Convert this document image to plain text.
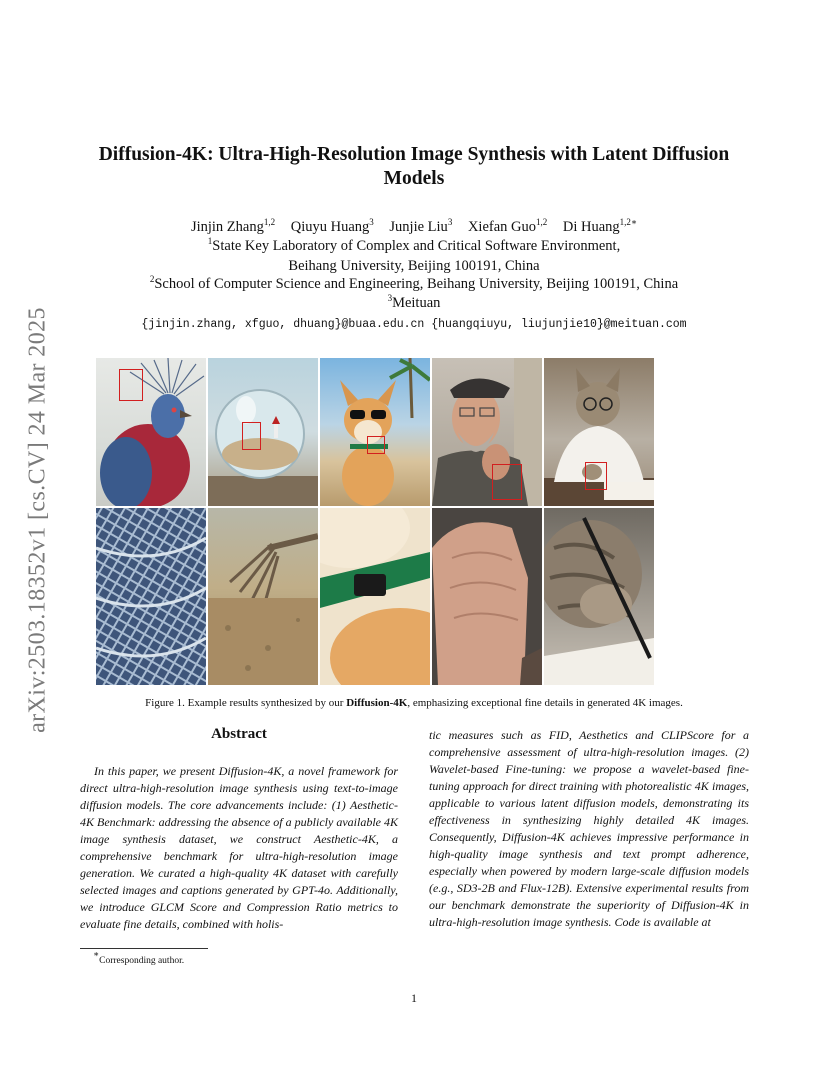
arXiv:2503.18352v1 [cs.CV] 24 Mar 2025
Diffusion-4K: Ultra-High-Resolution Image Synthesis with Latent Diffusion
Models
Jinjin Zhang$^{1,2}$ Qiuyu Huang$^3$ Junjie Liu$^3$ Xiefan Guo$^{1,2}$ Di Huang$^{1,2∗}$
$^1$State Key Laboratory of Complex and Critical Software Environment,
Beihang University, Beijing 100191, China
$^2$School of Computer Science and Engineering, Beihang University, Beijing 100191, China
$^3$Meituan
{jinjin.zhang, xfguo, dhuang}@buaa.edu.cn {huangqiuyu, liujunjie10}@meituan.com
Figure 1. Example results synthesized by our Diffusion-4K, emphasizing exceptional fine details in generated 4K images.
Abstract

In this paper, we present Diffusion-4K, a novel framework for direct ultra-high-resolution image synthesis using text-to-image diffusion models. The core advancements include: (1) Aesthetic-4K Benchmark: addressing the absence of a publicly available 4K image synthesis dataset, we construct Aesthetic-4K, a comprehensive benchmark for ultra-high-resolution image generation. We curated a high-quality 4K dataset with carefully selected images and captions generated by GPT-4o. Additionally, we introduce GLCM Score and Compression Ratio metrics to evaluate fine details, combined with holis-

tic measures such as FID, Aesthetics and CLIPScore for a comprehensive assessment of ultra-high-resolution images. (2) Wavelet-based Fine-tuning: we propose a wavelet-based fine-tuning approach for direct training with photorealistic 4K images, applicable to various latent diffusion models, demonstrating its effectiveness in synthesizing highly detailed 4K images. Consequently, Diffusion-4K achieves impressive performance in high-quality image synthesis and text prompt adherence, especially when powered by modern large-scale diffusion models (e.g., SD3-2B and Flux-12B). Extensive experimental results from our benchmark demonstrate the superiority of Diffusion-4K in ultra-high-resolution image synthesis. Code is available at

∗Corresponding author.
1
